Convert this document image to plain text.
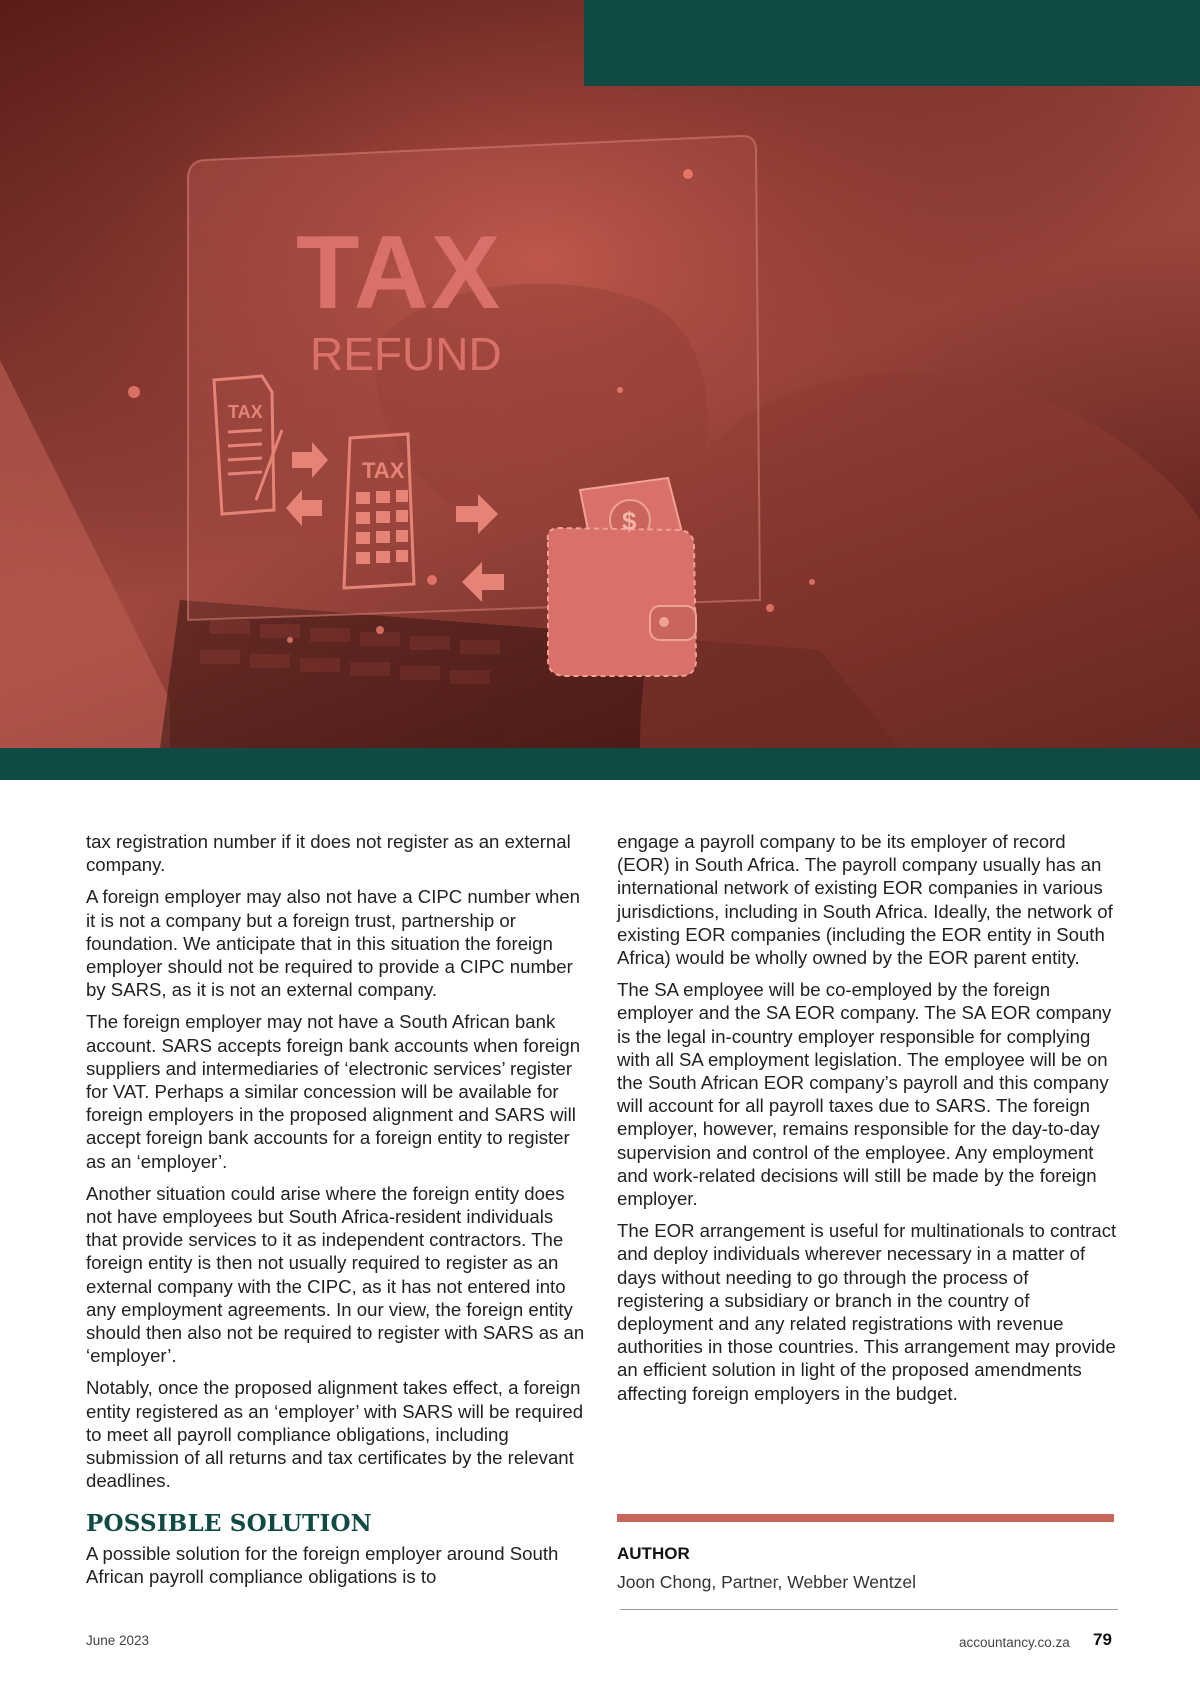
TAX
REFUND
TAX
TAX
$

tax registration number if it does not register as an external company.

A foreign employer may also not have a CIPC number when it is not a company but a foreign trust, partnership or foundation. We anticipate that in this situation the foreign employer should not be required to provide a CIPC number by SARS, as it is not an external company.

The foreign employer may not have a South African bank account. SARS accepts foreign bank accounts when foreign suppliers and intermediaries of ‘electronic services’ register for VAT. Perhaps a similar concession will be available for foreign employers in the proposed alignment and SARS will accept foreign bank accounts for a foreign entity to register as an ‘employer’.

Another situation could arise where the foreign entity does not have employees but South Africa-resident individuals that provide services to it as independent contractors. The foreign entity is then not usually required to register as an external company with the CIPC, as it has not entered into any employment agreements. In our view, the foreign entity should then also not be required to register with SARS as an ‘employer’.

Notably, once the proposed alignment takes effect, a foreign entity registered as an ‘employer’ with SARS will be required to meet all payroll compliance obligations, including submission of all returns and tax certificates by the relevant deadlines.

POSSIBLE SOLUTION

A possible solution for the foreign employer around South African payroll compliance obligations is to

engage a payroll company to be its employer of record (EOR) in South Africa. The payroll company usually has an international network of existing EOR companies in various jurisdictions, including in South Africa. Ideally, the network of existing EOR companies (including the EOR entity in South Africa) would be wholly owned by the EOR parent entity.

The SA employee will be co-employed by the foreign employer and the SA EOR company. The SA EOR company is the legal in-country employer responsible for complying with all SA employment legislation. The employee will be on the South African EOR company’s payroll and this company will account for all payroll taxes due to SARS. The foreign employer, however, remains responsible for the day-to-day supervision and control of the employee. Any employment and work-related decisions will still be made by the foreign employer.

The EOR arrangement is useful for multinationals to contract and deploy individuals wherever necessary in a matter of days without needing to go through the process of registering a subsidiary or branch in the country of deployment and any related registrations with revenue authorities in those countries. This arrangement may provide an efficient solution in light of the proposed amendments affecting foreign employers in the budget.

AUTHOR
Joon Chong, Partner, Webber Wentzel
June 2023	accountancy.co.za 79
